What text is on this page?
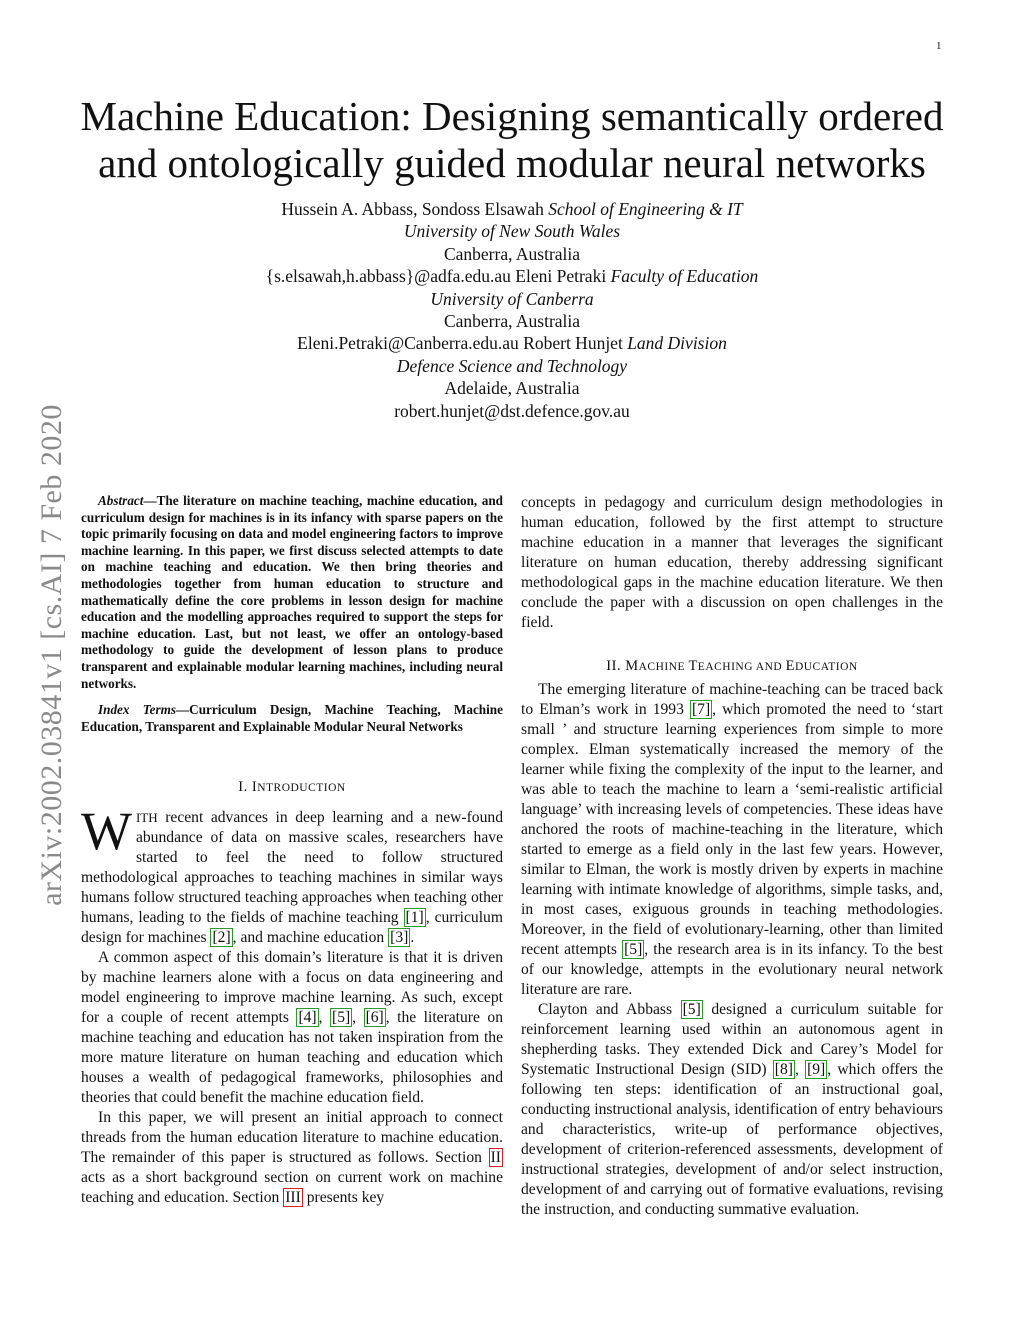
1
arXiv:2002.03841v1 [cs.AI] 7 Feb 2020
Machine Education: Designing semantically ordered
and ontologically guided modular neural networks
Hussein A. Abbass, Sondoss Elsawah School of Engineering & IT
University of New South Wales
Canberra, Australia
{s.elsawah,h.abbass}@adfa.edu.au Eleni Petraki Faculty of Education
University of Canberra
Canberra, Australia
Eleni.Petraki@Canberra.edu.au Robert Hunjet Land Division
Defence Science and Technology
Adelaide, Australia
robert.hunjet@dst.defence.gov.au

Abstract—The literature on machine teaching, machine education, and curriculum design for machines is in its infancy with sparse papers on the topic primarily focusing on data and model engineering factors to improve machine learning. In this paper, we first discuss selected attempts to date on machine teaching and education. We then bring theories and methodologies together from human education to structure and mathematically define the core problems in lesson design for machine education and the modelling approaches required to support the steps for machine education. Last, but not least, we offer an ontology-based methodology to guide the development of lesson plans to produce transparent and explainable modular learning machines, including neural networks.

Index Terms—Curriculum Design, Machine Teaching, Machine Education, Transparent and Explainable Modular Neural Networks

I. INTRODUCTION

WITH recent advances in deep learning and a new-found abundance of data on massive scales, researchers have started to feel the need to follow structured methodological approaches to teaching machines in similar ways humans follow structured teaching approaches when teaching other humans, leading to the fields of machine teaching [1] , curriculum design for machines [2] , and machine education [3] .

A common aspect of this domain’s literature is that it is driven by machine learners alone with a focus on data engineering and model engineering to improve machine learning. As such, except for a couple of recent attempts [4] , [5] , [6] , the literature on machine teaching and education has not taken inspiration from the more mature literature on human teaching and education which houses a wealth of pedagogical frameworks, philosophies and theories that could benefit the machine education field.

In this paper, we will present an initial approach to connect threads from the human education literature to machine education. The remainder of this paper is structured as follows. Section II acts as a short background section on current work on machine teaching and education. Section III presents key

concepts in pedagogy and curriculum design methodologies in human education, followed by the first attempt to structure machine education in a manner that leverages the significant literature on human education, thereby addressing significant methodological gaps in the machine education literature. We then conclude the paper with a discussion on open challenges in the field.

II. MACHINE TEACHING AND EDUCATION

The emerging literature of machine-teaching can be traced back to Elman’s work in 1993 [7] , which promoted the need to ‘start small ’ and structure learning experiences from simple to more complex. Elman systematically increased the memory of the learner while fixing the complexity of the input to the learner, and was able to teach the machine to learn a ‘semi-realistic artificial language’ with increasing levels of competencies. These ideas have anchored the roots of machine-teaching in the literature, which started to emerge as a field only in the last few years. However, similar to Elman, the work is mostly driven by experts in machine learning with intimate knowledge of algorithms, simple tasks, and, in most cases, exiguous grounds in teaching methodologies. Moreover, in the field of evolutionary-learning, other than limited recent attempts [5] , the research area is in its infancy. To the best of our knowledge, attempts in the evolutionary neural network literature are rare.

Clayton and Abbass [5] designed a curriculum suitable for reinforcement learning used within an autonomous agent in shepherding tasks. They extended Dick and Carey’s Model for Systematic Instructional Design (SID) [8] , [9] , which offers the following ten steps: identification of an instructional goal, conducting instructional analysis, identification of entry behaviours and characteristics, write-up of performance objectives, development of criterion-referenced assessments, development of instructional strategies, development of and/or select instruction, development of and carrying out of formative evaluations, revising the instruction, and conducting summative evaluation.
